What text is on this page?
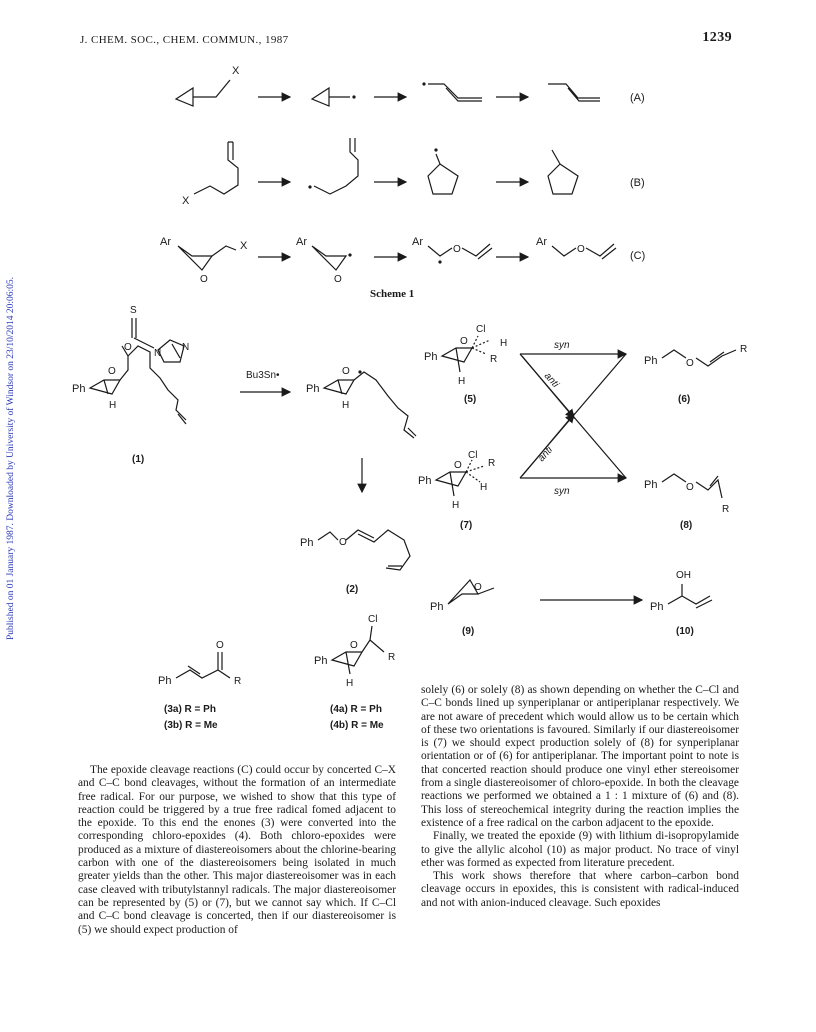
J. CHEM. SOC., CHEM. COMMUN., 1987	1239
Published on 01 January 1987. Downloaded by University of Windsor on 23/10/2014 20:06:05.
X
(A)
X
(B)
Ar
O
X	Ar
O
Ar
O
Ar
O
(C)
Scheme 1
Ph
O
H
O
S
N
N
(1)
Bu3Sn•
Ph
O
H
Ph	O
(2)
Ph
O
H
Cl
H
R
(5)
Ph
O
H
Cl
R
H
(7)
syn
syn
anti
anti
Ph	O
R
(6)
Ph	O
R
(8)
Ph
O
(9)
Ph
OH
(10)
Ph
O
R
(3a) R = Ph
(3b) R = Me
Ph
O
Cl
R
H
(4a) R = Ph
(4b) R = Me

The epoxide cleavage reactions (C) could occur by concerted C–X and C–C bond cleavages, without the formation of an intermediate free radical. For our purpose, we wished to show that this type of reaction could be triggered by a true free radical fomed adjacent to the epoxide. To this end the enones (3) were converted into the corresponding chloro-epoxides (4). Both chloro-epoxides were produced as a mixture of diastereoisomers about the chlorine-bearing carbon with one of the diastereoisomers being isolated in much greater yields than the other. This major diastereoisomer was in each case cleaved with tributylstannyl radicals. The major diastereoisomer can be represented by (5) or (7), but we cannot say which. If C–Cl and C–C bond cleavage is concerted, then if our diastereoisomer is (5) we should expect production of

solely (6) or solely (8) as shown depending on whether the C–Cl and C–C bonds lined up synperiplanar or antiperiplanar respectively. We are not aware of precedent which would allow us to be certain which of these two orientations is favoured. Similarly if our diastereoisomer is (7) we should expect production solely of (8) for synperiplanar orientation or of (6) for antiperiplanar. The important point to note is that concerted reaction should produce one vinyl ether stereoisomer from a single diastereoisomer of chloro-epoxide. In both the cleavage reactions we performed we obtained a 1 : 1 mixture of (6) and (8). This loss of stereochemical integrity during the reaction implies the existence of a free radical on the carbon adjacent to the epoxide.

Finally, we treated the epoxide (9) with lithium di-isopropylamide to give the allylic alcohol (10) as major product. No trace of vinyl ether was formed as expected from literature precedent.

This work shows therefore that where carbon–carbon bond cleavage occurs in epoxides, this is consistent with radical-induced and not with anion-induced cleavage. Such epoxides
